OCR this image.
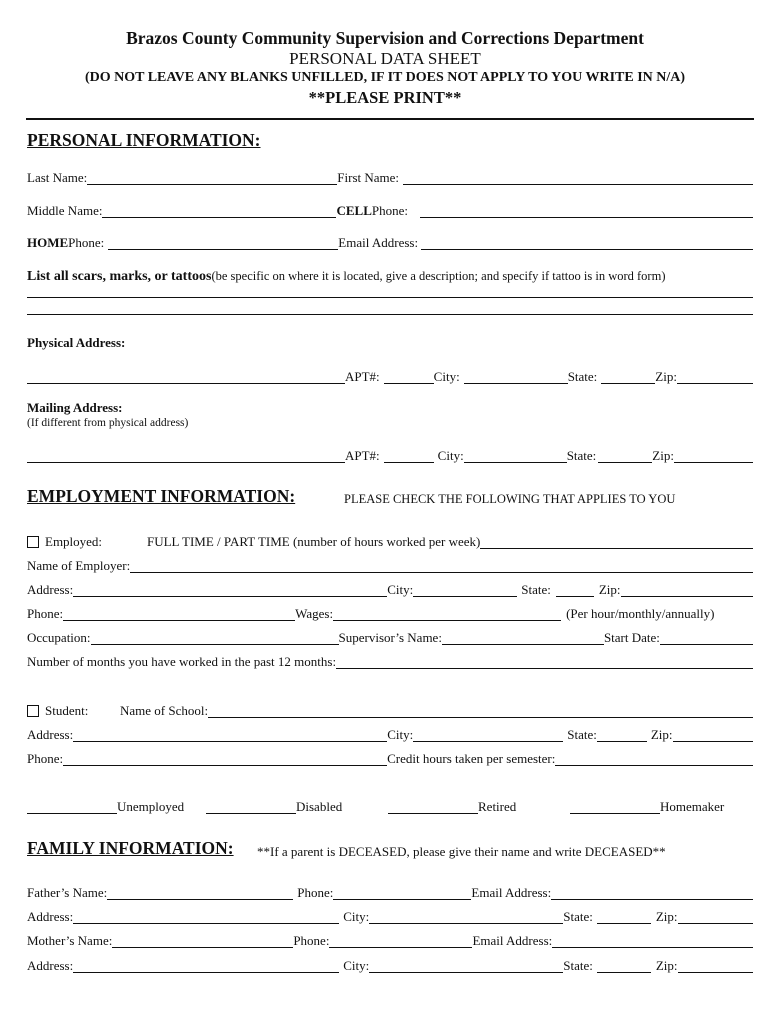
Brazos County Community Supervision and Corrections Department
PERSONAL DATA SHEET
(DO NOT LEAVE ANY BLANKS UNFILLED, IF IT DOES NOT APPLY TO YOU WRITE IN N/A)
**PLEASE PRINT**
PERSONAL INFORMATION:
Last Name:	First Name:
Middle Name:	CELL Phone:
HOME Phone:	Email Address:
List all scars, marks, or tattoos (be specific on where it is located, give a description; and specify if tattoo is in word form)
Physical Address:
APT#:	City:	State:	Zip:
Mailing Address:
(If different from physical address)
APT#:	City:	State:	Zip:
EMPLOYMENT INFORMATION:	PLEASE CHECK THE FOLLOWING THAT APPLIES TO YOU
Employed:	FULL TIME / PART TIME (number of hours worked per week)
Name of Employer:
Address:	City:	State:	Zip:
Phone:	Wages:	(Per hour/monthly/annually)
Occupation:	Supervisor’s Name:	Start Date:
Number of months you have worked in the past 12 months:
Student:	Name of School:
Address:	City:	State:	Zip:
Phone:	Credit hours taken per semester:
Unemployed	Disabled	Retired	Homemaker
FAMILY INFORMATION: **If a parent is DECEASED, please give their name and write DECEASED**
Father’s Name:	Phone:	Email Address:
Address:	City:	State:	Zip:
Mother’s Name:	Phone:	Email Address:
Address:	City:	State:	Zip:
